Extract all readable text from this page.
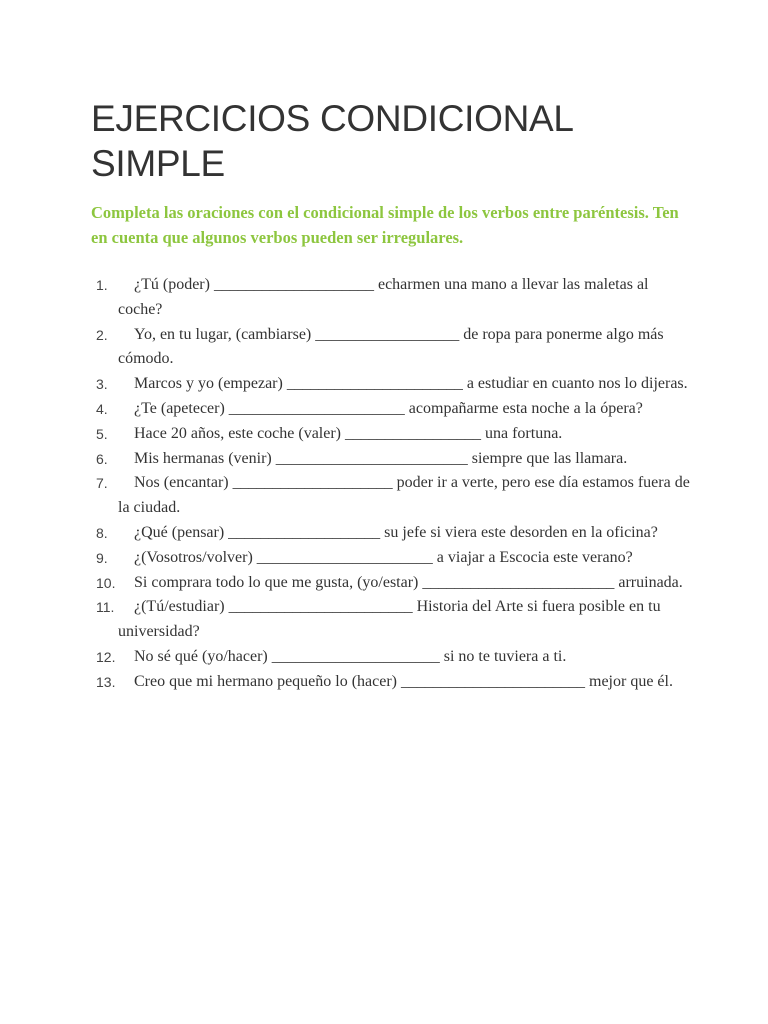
EJERCICIOS CONDICIONAL SIMPLE

Completa las oraciones con el condicional simple de los verbos entre paréntesis. Ten en cuenta que algunos verbos pueden ser irregulares.

1.	¿Tú (poder) ____________________ echarmen una mano a llevar las maletas al coche?
2.	Yo, en tu lugar, (cambiarse) __________________ de ropa para ponerme algo más cómodo.
3.	Marcos y yo (empezar) ______________________ a estudiar en cuanto nos lo dijeras.
4.	¿Te (apetecer) ______________________ acompañarme esta noche a la ópera?
5.	Hace 20 años, este coche (valer) _________________ una fortuna.
6.	Mis hermanas (venir) ________________________ siempre que las llamara.
7.	Nos (encantar) ____________________ poder ir a verte, pero ese día estamos fuera de la ciudad.
8.	¿Qué (pensar) ___________________ su jefe si viera este desorden en la oficina?
9.	¿(Vosotros/volver) ______________________ a viajar a Escocia este verano?
10.	Si comprara todo lo que me gusta, (yo/estar) ________________________ arruinada.
11.	¿(Tú/estudiar) _______________________ Historia del Arte si fuera posible en tu universidad?
12.	No sé qué (yo/hacer) _____________________ si no te tuviera a ti.
13.	Creo que mi hermano pequeño lo (hacer) _______________________ mejor que él.
